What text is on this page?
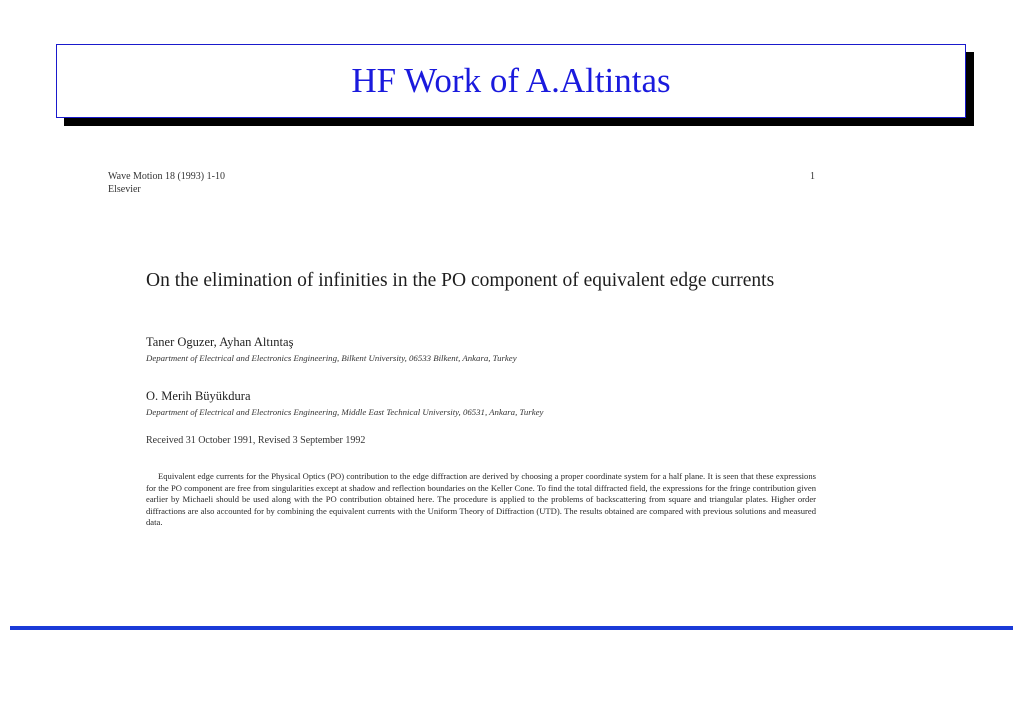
HF Work of A.Altintas
Wave Motion 18 (1993) 1-10
Elsevier
1
On the elimination of infinities in the PO component of equivalent edge currents
Taner Oguzer, Ayhan Altıntaş
Department of Electrical and Electronics Engineering, Bilkent University, 06533 Bilkent, Ankara, Turkey
O. Merih Büyükdura
Department of Electrical and Electronics Engineering, Middle East Technical University, 06531, Ankara, Turkey
Received 31 October 1991, Revised 3 September 1992
Equivalent edge currents for the Physical Optics (PO) contribution to the edge diffraction are derived by choosing a proper coordinate system for a half plane. It is seen that these expressions for the PO component are free from singularities except at shadow and reflection boundaries on the Keller Cone. To find the total diffracted field, the expressions for the fringe contribution given earlier by Michaeli should be used along with the PO contribution obtained here. The procedure is applied to the problems of backscattering from square and triangular plates. Higher order diffractions are also accounted for by combining the equivalent currents with the Uniform Theory of Diffraction (UTD). The results obtained are compared with previous solutions and measured data.
